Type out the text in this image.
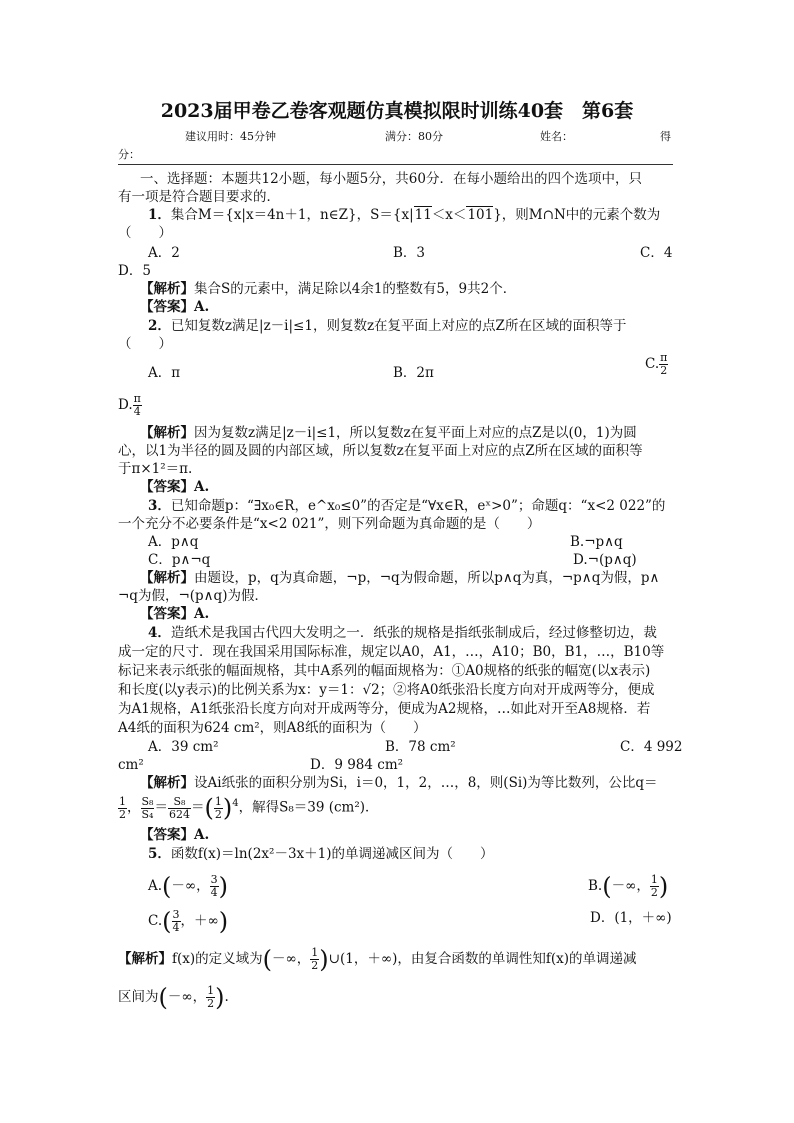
2023届甲卷乙卷客观题仿真模拟限时训练40套　第6套
建议用时：45分钟	满分：80分	姓名：	得
分：
一、选择题：本题共12小题，每小题5分，共60分．在每小题给出的四个选项中，只
有一项是符合题目要求的．
1．集合M＝{x|x＝4n＋1，n∈Z}，S＝{x|11＜x＜101}，则M∩N中的元素个数为
（　　）
A．2	B．3	C．4
D．5
【解析】集合S的元素中，满足除以4余1的整数有5，9共2个．
【答案】A.
2．已知复数z满足|z－i|≤1，则复数z在复平面上对应的点Z所在区域的面积等于
（　　）
A．π	B．2π
C. $\frac{\pi}{2}$
D. $\frac{\pi}{4}$
【解析】因为复数z满足|z－i|≤1，所以复数z在复平面上对应的点Z是以(0，1)为圆
心，以1为半径的圆及圆的内部区域，所以复数z在复平面上对应的点Z所在区域的面积等
于π×1²＝π.
【答案】A.
3．已知命题p：“∃x₀∈R，e^x₀≤0”的否定是“∀x∈R，eˣ>0”；命题q：“x<2 022”的
一个充分不必要条件是“x<2 021”，则下列命题为真命题的是（　　）
A．p∧q	B.¬p∧q
C．p∧¬q	D.¬(p∧q)
【解析】由题设，p，q为真命题，¬p，¬q为假命题，所以p∧q为真，¬p∧q为假，p∧
¬q为假，¬(p∧q)为假．
【答案】A.
4．造纸术是我国古代四大发明之一．纸张的规格是指纸张制成后，经过修整切边，裁
成一定的尺寸．现在我国采用国际标准，规定以A0，A1，…，A10；B0，B1，…，B10等
标记来表示纸张的幅面规格，其中A系列的幅面规格为：①A0规格的纸张的幅宽(以x表示)
和长度(以y表示)的比例关系为x：y＝1：√2；②将A0纸张沿长度方向对开成两等分，便成
为A1规格，A1纸张沿长度方向对开成两等分，便成为A2规格，…如此对开至A8规格．若
A4纸的面积为624 cm²，则A8纸的面积为（　　）
A．39 cm²	B．78 cm²	C．4 992
cm²	D．9 984 cm²
【解析】设Ai纸张的面积分别为Si，i＝0，1，2，…，8，则(Si)为等比数列，公比q＝
$\frac{1}{2}$ ， $\frac{\text{S₈}}{\text{S₄}} = \frac{\text{S₈}}{624}$ ＝( $\frac{1}{2} )^4$，解得S₈＝39 (cm²)．
【答案】A.
5．函数f(x)＝ln(2x²－3x＋1)的单调递减区间为（　　）
A.(－∞， $\frac{3}{4}$ )	B.(－∞， $\frac{1}{2}$ )
$C.( \frac{3}{4}$ ，＋∞)	D．(1，＋∞)
【解析】f(x)的定义域为(－∞， $\frac{1}{2}$ )∪(1，＋∞)，由复合函数的单调性知f(x)的单调递减
区间为(－∞， $\frac{1}{2}$ ).
